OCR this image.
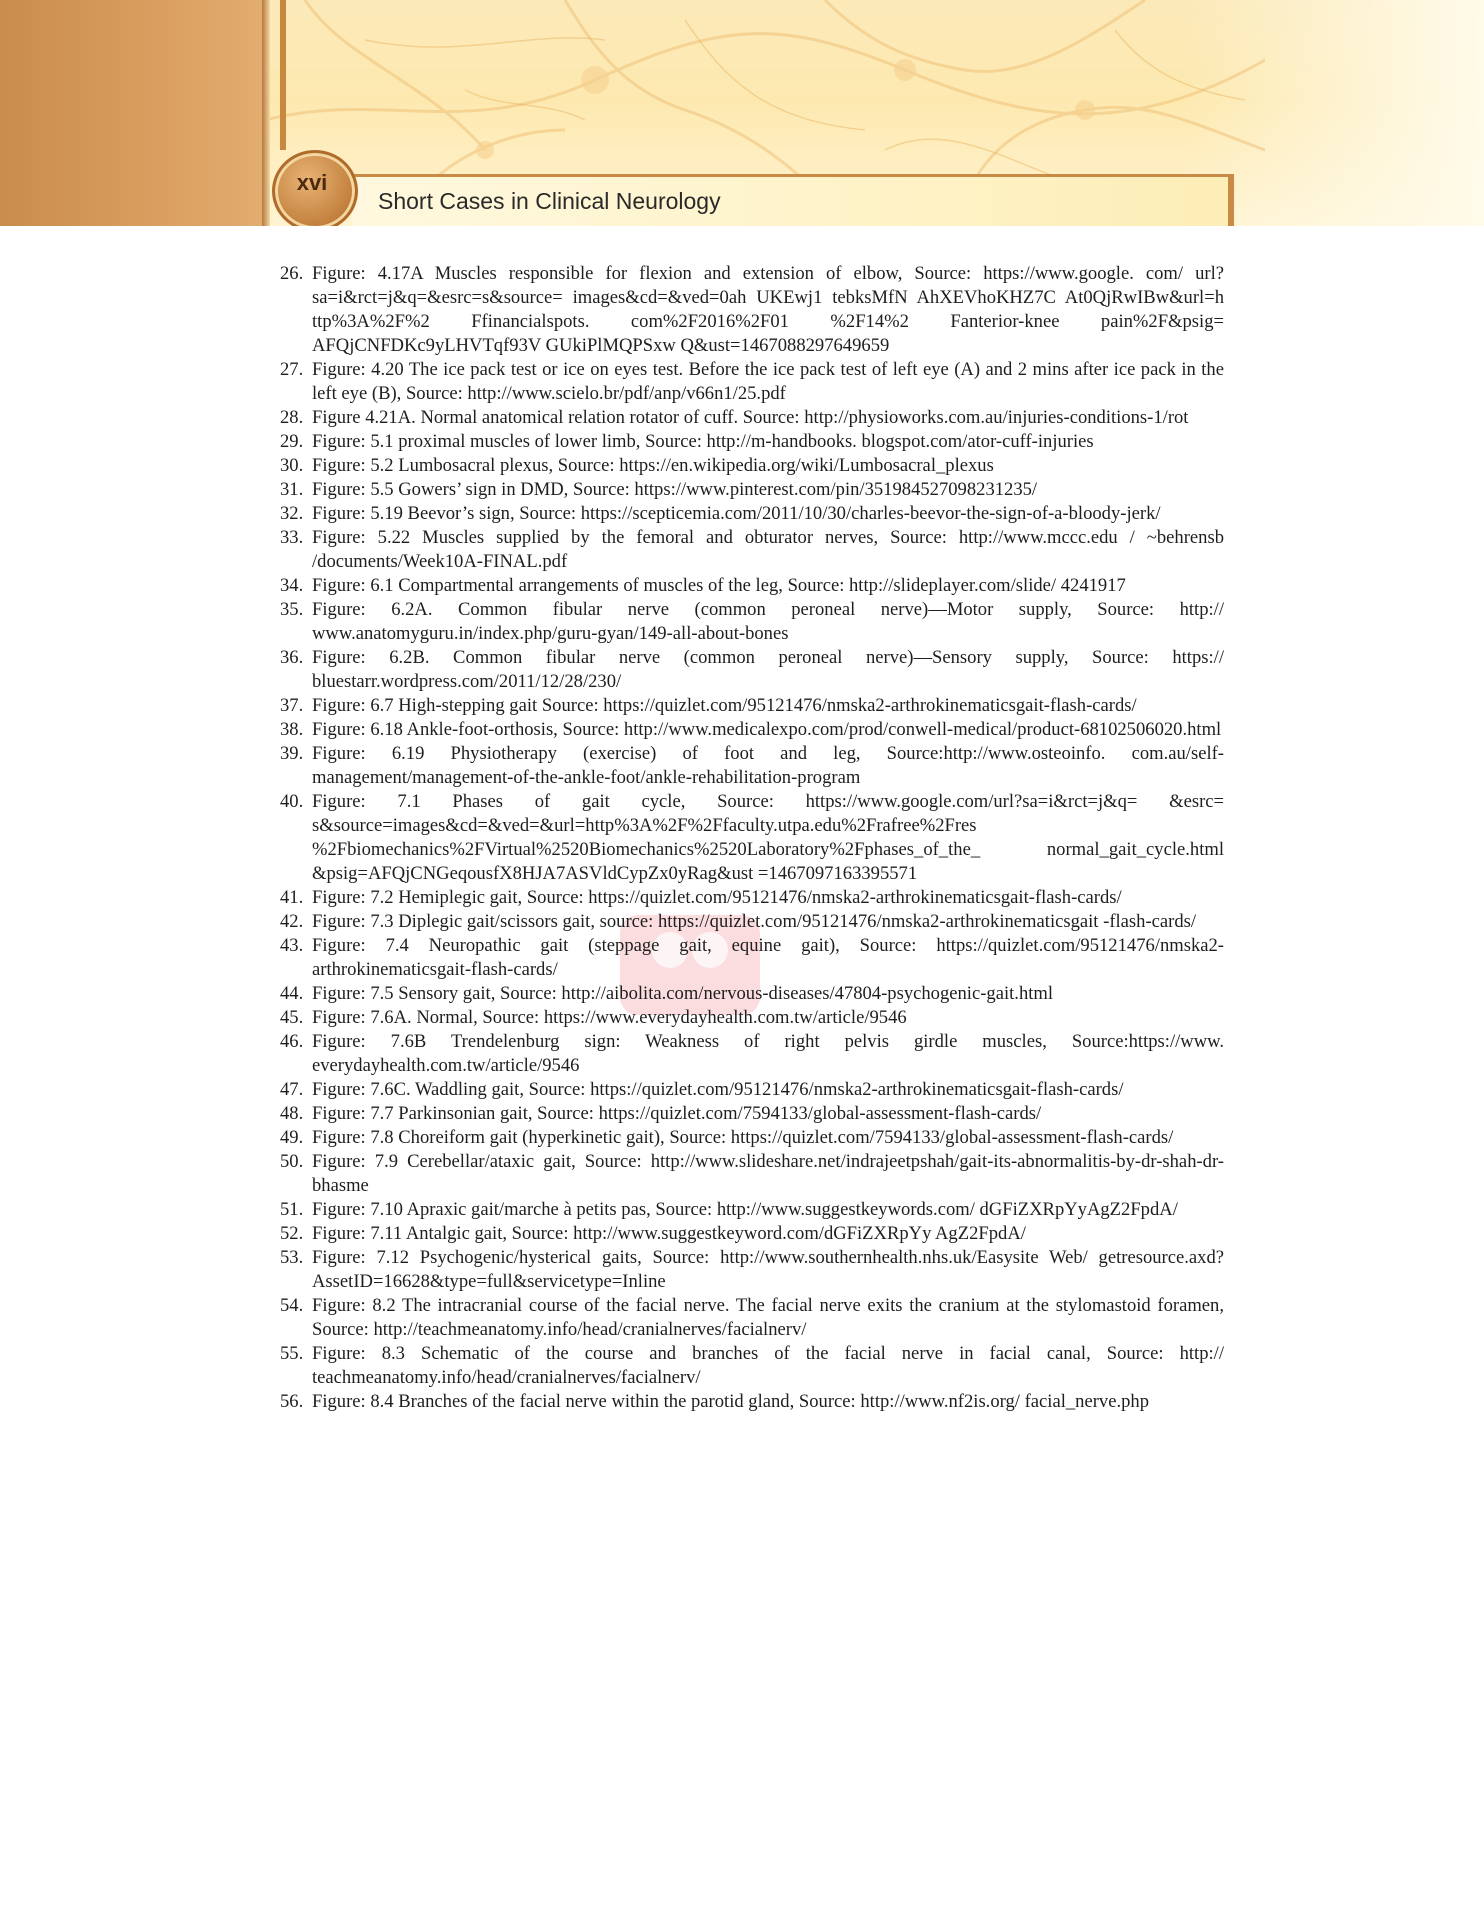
xvi
Short Cases in Clinical Neurology
26. Figure: 4.17A Muscles responsible for flexion and extension of elbow, Source: https://www.google. com/ url?sa=i&rct=j&q=&esrc=s&source= images&cd=&ved=0ah UKEwj1 tebksMfN AhXEVhoKHZ7C At0QjRwIBw&url=h ttp%3A%2F%2 Ffinancialspots. com%2F2016%2F01 %2F14%2 Fanterior-knee pain%2F&psig= AFQjCNFDKc9yLHVTqf93V GUkiPlMQPSxw Q&ust=1467088297649659
27. Figure: 4.20 The ice pack test or ice on eyes test. Before the ice pack test of left eye (A) and 2 mins after ice pack in the left eye (B), Source: http://www.scielo.br/pdf/anp/v66n1/25.pdf
28. Figure 4.21A. Normal anatomical relation rotator of cuff. Source: http://physioworks.com.au/injuries-conditions-1/rot
29. Figure: 5.1 proximal muscles of lower limb, Source: http://m-handbooks. blogspot.com/ator-cuff-injuries
30. Figure: 5.2 Lumbosacral plexus, Source: https://en.wikipedia.org/wiki/Lumbosacral_plexus
31. Figure: 5.5 Gowers’ sign in DMD, Source: https://www.pinterest.com/pin/351984527098231235/
32. Figure: 5.19 Beevor’s sign, Source: https://scepticemia.com/2011/10/30/charles-beevor-the-sign-of-a-bloody-jerk/
33. Figure: 5.22 Muscles supplied by the femoral and obturator nerves, Source: http://www.mccc.edu / ~behrensb /documents/Week10A-FINAL.pdf
34. Figure: 6.1 Compartmental arrangements of muscles of the leg, Source: http://slideplayer.com/slide/ 4241917
35. Figure: 6.2A. Common fibular nerve (common peroneal nerve)—Motor supply, Source: http:// www.anatomyguru.in/index.php/guru-gyan/149-all-about-bones
36. Figure: 6.2B. Common fibular nerve (common peroneal nerve)—Sensory supply, Source: https:// bluestarr.wordpress.com/2011/12/28/230/
37. Figure: 6.7 High-stepping gait Source: https://quizlet.com/95121476/nmska2-arthrokinematicsgait-flash-cards/
38. Figure: 6.18 Ankle-foot-orthosis, Source: http://www.medicalexpo.com/prod/conwell-medical/product-68102506020.html
39. Figure: 6.19 Physiotherapy (exercise) of foot and leg, Source:http://www.osteoinfo. com.au/self-management/management-of-the-ankle-foot/ankle-rehabilitation-program
40. Figure: 7.1 Phases of gait cycle, Source: https://www.google.com/url?sa=i&rct=j&q= &esrc= s&source=images&cd=&ved=&url=http%3A%2F%2Ffaculty.utpa.edu%2Frafree%2Fres %2Fbiomechanics%2FVirtual%2520Biomechanics%2520Laboratory%2Fphases_of_the_ normal_gait_cycle.html &psig=AFQjCNGeqousfX8HJA7ASVldCypZx0yRag&ust =1467097163395571
41. Figure: 7.2 Hemiplegic gait, Source: https://quizlet.com/95121476/nmska2-arthrokinematicsgait-flash-cards/
42. Figure: 7.3 Diplegic gait/scissors gait, source: https://quizlet.com/95121476/nmska2-arthrokinematicsgait -flash-cards/
43. Figure: 7.4 Neuropathic gait (steppage gait, equine gait), Source: https://quizlet.com/95121476/nmska2-arthrokinematicsgait-flash-cards/
44. Figure: 7.5 Sensory gait, Source: http://aibolita.com/nervous-diseases/47804-psychogenic-gait.html
45. Figure: 7.6A. Normal, Source: https://www.everydayhealth.com.tw/article/9546
46. Figure: 7.6B Trendelenburg sign: Weakness of right pelvis girdle muscles, Source:https://www. everydayhealth.com.tw/article/9546
47. Figure: 7.6C. Waddling gait, Source: https://quizlet.com/95121476/nmska2-arthrokinematicsgait-flash-cards/
48. Figure: 7.7 Parkinsonian gait, Source: https://quizlet.com/7594133/global-assessment-flash-cards/
49. Figure: 7.8 Choreiform gait (hyperkinetic gait), Source: https://quizlet.com/7594133/global-assessment-flash-cards/
50. Figure: 7.9 Cerebellar/ataxic gait, Source: http://www.slideshare.net/indrajeetpshah/gait-its-abnormalitis-by-dr-shah-dr-bhasme
51. Figure: 7.10 Apraxic gait/marche à petits pas, Source: http://www.suggestkeywords.com/ dGFiZXRpYyAgZ2FpdA/
52. Figure: 7.11 Antalgic gait, Source: http://www.suggestkeyword.com/dGFiZXRpYy AgZ2FpdA/
53. Figure: 7.12 Psychogenic/hysterical gaits, Source: http://www.southernhealth.nhs.uk/Easysite Web/ getresource.axd?AssetID=16628&type=full&servicetype=Inline
54. Figure: 8.2 The intracranial course of the facial nerve. The facial nerve exits the cranium at the stylomastoid foramen, Source: http://teachmeanatomy.info/head/cranialnerves/facialnerv/
55. Figure: 8.3 Schematic of the course and branches of the facial nerve in facial canal, Source: http:// teachmeanatomy.info/head/cranialnerves/facialnerv/
56. Figure: 8.4 Branches of the facial nerve within the parotid gland, Source: http://www.nf2is.org/ facial_nerve.php
